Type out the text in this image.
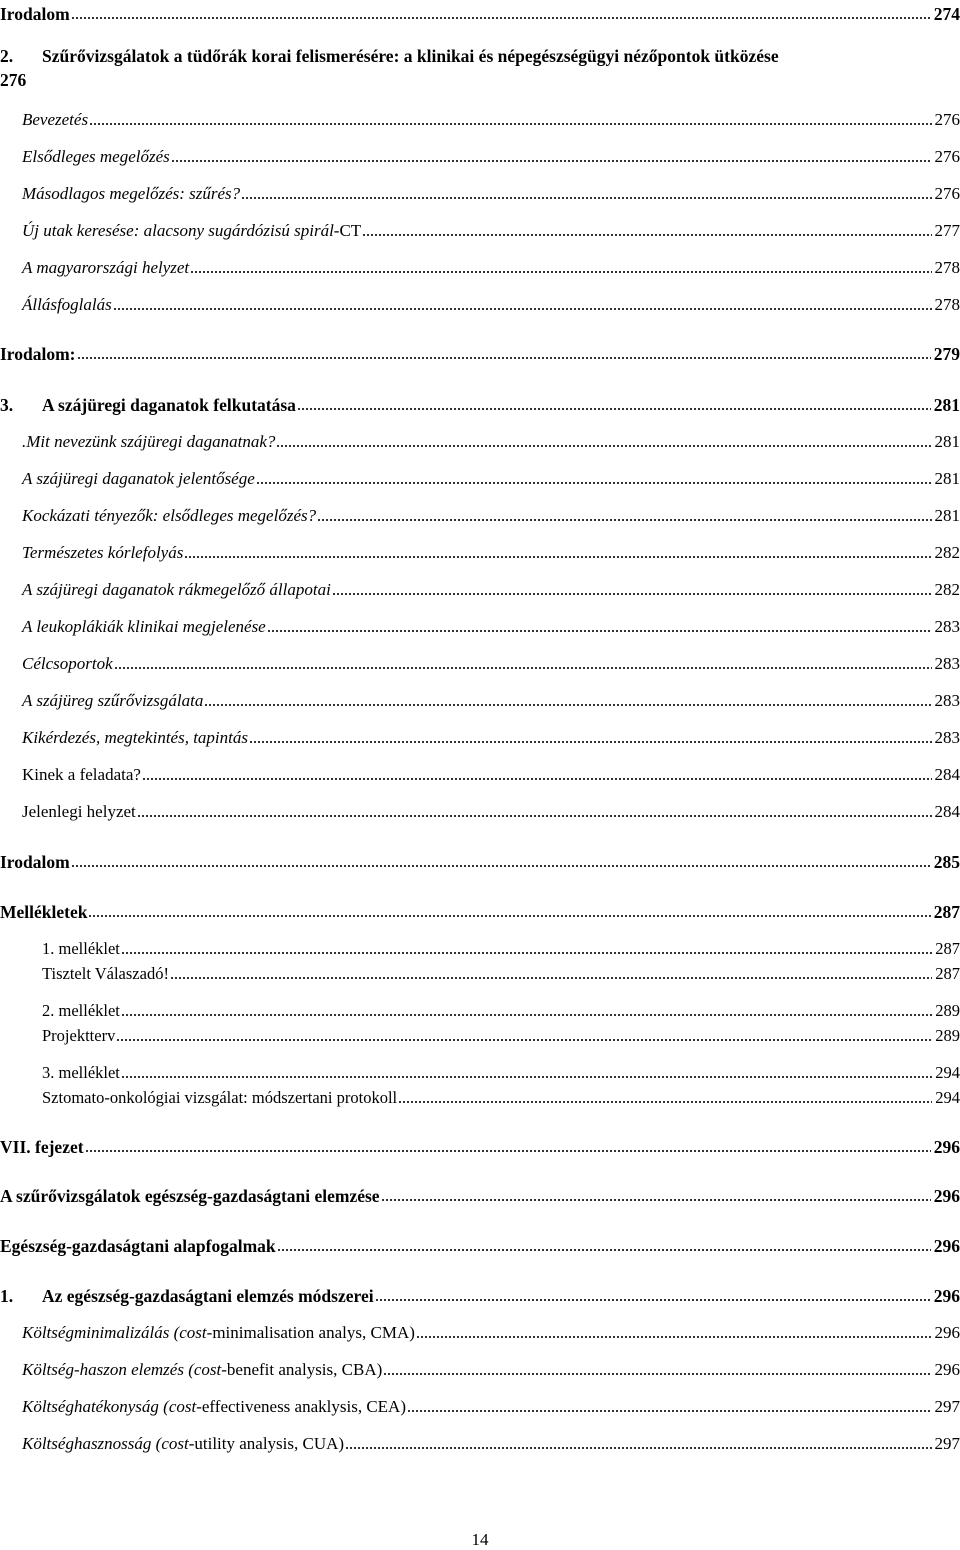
Irodalom	274
2. Szűrővizsgálatok a tüdőrák korai felismerésére: a klinikai és népegészségügyi nézőpontok ütközése
276
Bevezetés	276
Elsődleges megelőzés	276
Másodlagos megelőzés: szűrés?	276
Új utak keresése: alacsony sugárdózisú spirál-CT	277
A magyarországi helyzet	278
Állásfoglalás	278
Irodalom:	279
3.	A szájüregi daganatok felkutatása	281
.Mit nevezünk szájüregi daganatnak?	281
A szájüregi daganatok jelentősége	281
Kockázati tényezők: elsődleges megelőzés?	281
Természetes kórlefolyás	282
A szájüregi daganatok rákmegelőző állapotai	282
A leukoplákiák klinikai megjelenése	283
Célcsoportok	283
A szájüreg szűrővizsgálata	283
Kikérdezés, megtekintés, tapintás	283
Kinek a feladata?	284
Jelenlegi helyzet	284
Irodalom	285
Mellékletek	287
1. melléklet	287
Tisztelt Válaszadó!	287
2. melléklet	289
Projektterv	289
3. melléklet	294
Sztomato-onkológiai vizsgálat: módszertani protokoll	294
VII. fejezet	296
A szűrővizsgálatok egészség-gazdaságtani elemzése	296
Egészség-gazdaságtani alapfogalmak	296
1.	Az egészség-gazdaságtani elemzés módszerei	296
Költségminimalizálás (cost-minimalisation analys, CMA)	296
Költség-haszon elemzés (cost-benefit analysis, CBA)	296
Költséghatékonyság (cost-effectiveness anaklysis, CEA)	297
Költséghasznosság (cost-utility analysis, CUA)	297
14
